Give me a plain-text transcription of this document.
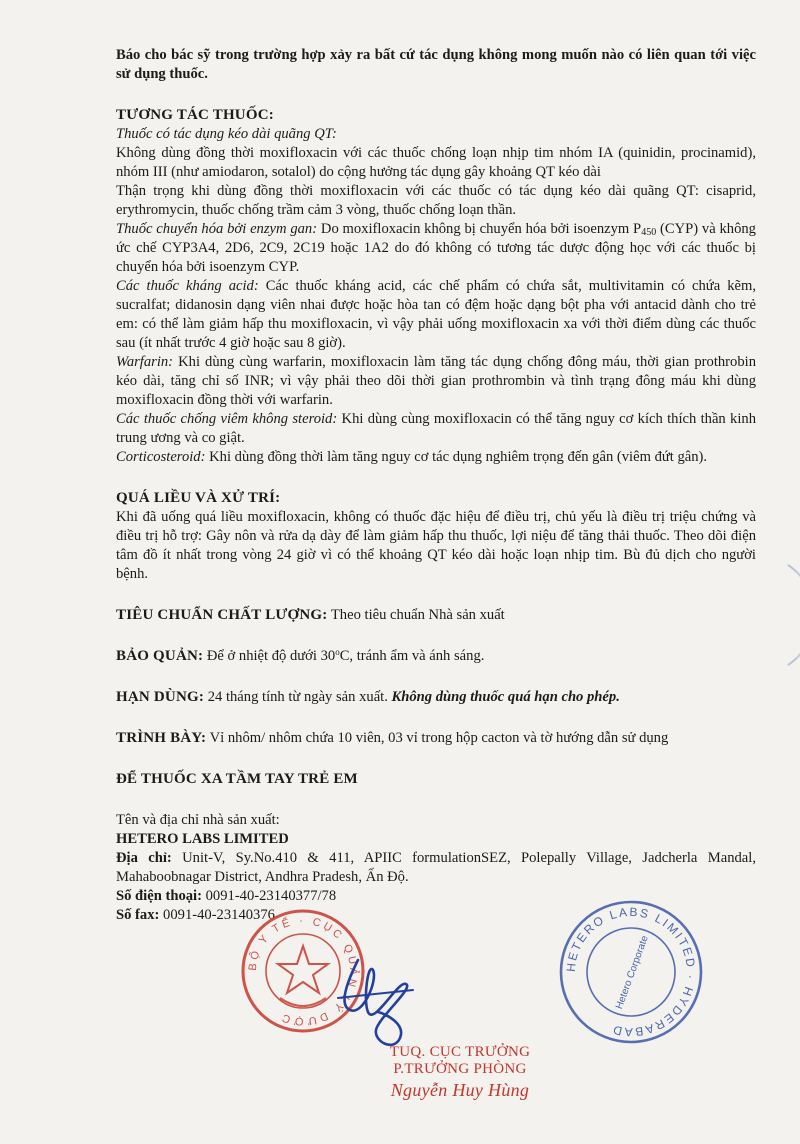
Báo cho bác sỹ trong trường hợp xảy ra bất cứ tác dụng không mong muốn nào có liên quan tới việc sử dụng thuốc.

TƯƠNG TÁC THUỐC:

Thuốc có tác dụng kéo dài quãng QT:

Không dùng đồng thời moxifloxacin với các thuốc chống loạn nhịp tim nhóm IA (quinidin, procinamid), nhóm III (như amiodaron, sotalol) do cộng hưởng tác dụng gây khoảng QT kéo dài

Thận trọng khi dùng đồng thời moxifloxacin với các thuốc có tác dụng kéo dài quãng QT: cisaprid, erythromycin, thuốc chống trầm cảm 3 vòng, thuốc chống loạn thần.

Thuốc chuyển hóa bởi enzym gan: Do moxifloxacin không bị chuyển hóa bởi isoenzym $P_{450}$ (CYP) và không ức chế CYP3A4, 2D6, 2C9, 2C19 hoặc 1A2 do đó không có tương tác dược động học với các thuốc bị chuyển hóa bởi isoenzym CYP.

Các thuốc kháng acid: Các thuốc kháng acid, các chế phẩm có chứa sắt, multivitamin có chứa kẽm, sucralfat; didanosin dạng viên nhai được hoặc hòa tan có đệm hoặc dạng bột pha với antacid dành cho trẻ em: có thể làm giảm hấp thu moxifloxacin, vì vậy phải uống moxifloxacin xa với thời điểm dùng các thuốc sau (ít nhất trước 4 giờ hoặc sau 8 giờ).

Warfarin: Khi dùng cùng warfarin, moxifloxacin làm tăng tác dụng chống đông máu, thời gian prothrobin kéo dài, tăng chỉ số INR; vì vậy phải theo dõi thời gian prothrombin và tình trạng đông máu khi dùng moxifloxacin đồng thời với warfarin.

Các thuốc chống viêm không steroid: Khi dùng cùng moxifloxacin có thể tăng nguy cơ kích thích thần kinh trung ương và co giật.

Corticosteroid: Khi dùng đồng thời làm tăng nguy cơ tác dụng nghiêm trọng đến gân (viêm đứt gân).

QUÁ LIỀU VÀ XỬ TRÍ:

Khi đã uống quá liều moxifloxacin, không có thuốc đặc hiệu để điều trị, chủ yếu là điều trị triệu chứng và điều trị hỗ trợ: Gây nôn và rửa dạ dày để làm giảm hấp thu thuốc, lợi niệu để tăng thải thuốc. Theo dõi điện tâm đồ ít nhất trong vòng 24 giờ vì có thể khoảng QT kéo dài hoặc loạn nhịp tim. Bù đủ dịch cho người bệnh.

TIÊU CHUẨN CHẤT LƯỢNG: Theo tiêu chuẩn Nhà sản xuất

BẢO QUẢN: Để ở nhiệt độ dưới 30$^o$C, tránh ẩm và ánh sáng.

HẠN DÙNG: 24 tháng tính từ ngày sản xuất. Không dùng thuốc quá hạn cho phép.

TRÌNH BÀY: Vỉ nhôm/ nhôm chứa 10 viên, 03 vỉ trong hộp cacton và tờ hướng dẫn sử dụng

ĐỂ THUỐC XA TẦM TAY TRẺ EM

Tên và địa chỉ nhà sản xuất:

HETERO LABS LIMITED

Địa chỉ: Unit-V, Sy.No.410 & 411, APIIC formulationSEZ, Polepally Village, Jadcherla Mandal, Mahaboobnagar District, Andhra Pradesh, Ấn Độ.

Số điện thoại: 0091-40-23140377/78

Số fax: 0091-40-23140376

BỘ Y TẾ · CỤC QUẢN LÝ DƯỢC
HETERO LABS LIMITED · HYDERABAD
Hetero Corporate
TUQ. CỤC TRƯỞNG
P.TRƯỞNG PHÒNG
Nguyễn Huy Hùng
